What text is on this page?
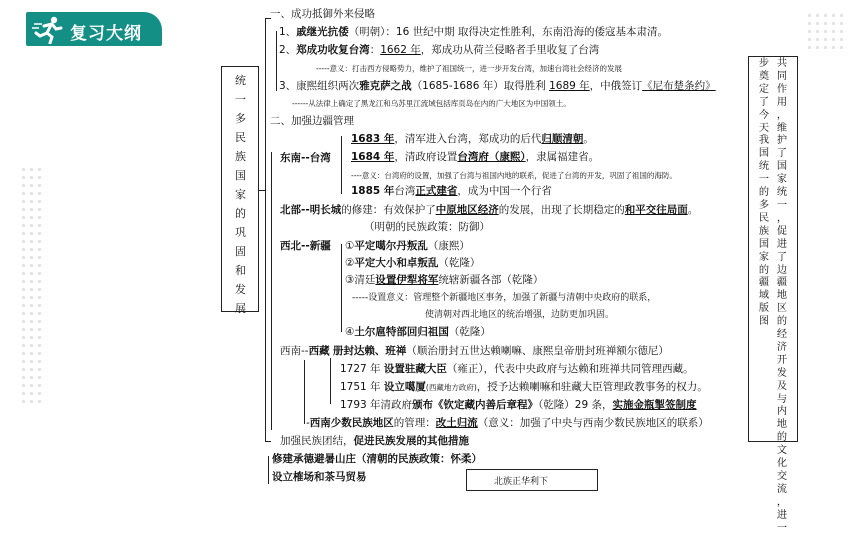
复习大纲
统
一
多
民
族
国
家
的
巩
固
和
发
展
共
同
作
用
，
维
护
了
国
家
统
一
，
促
进
了
边
疆
地
区
的
经
济
开
发
及
与
内
地
的
文
化
交
流
，
进
一
步
奠
定
了
今
天
我
国
统
一
的
多
民
族
国
家
的
疆
域
版
图
一、成功抵御外来侵略
1、戚继光抗倭（明朝）：16 世纪中期 取得决定性胜利，东南沿海的倭寇基本肃清。
2、郑成功收复台湾：1662 年，郑成功从荷兰侵略者手里收复了台湾
-----意义：打击西方侵略势力，维护了祖国统一，进一步开发台湾，加速台湾社会经济的发展
3、康熙组织两次雅克萨之战（1685-1686 年）取得胜利 1689 年，中俄签订《尼布楚条约》
------从法律上确定了黑龙江和乌苏里江流域包括库页岛在内的广大地区为中国领土。
二、加强边疆管理
东南--台湾
1683 年，清军进入台湾，郑成功的后代归顺清朝。
1684 年，清政府设置台湾府（康熙），隶属福建省。
----意义：台湾府的设置，加强了台湾与祖国内地的联系，促进了台湾的开发，巩固了祖国的海防。
1885 年台湾正式建省，成为中国一个行省
北部--明长城的修建：有效保护了中原地区经济的发展，出现了长期稳定的和平交往局面。
（明朝的民族政策：防御）
西北--新疆 ①平定噶尔丹叛乱（康熙）
②平定大小和卓叛乱（乾隆）
③清廷设置伊犁将军统辖新疆各部（乾隆）
-----设置意义：管理整个新疆地区事务，加强了新疆与清朝中央政府的联系，
使清朝对西北地区的统治增强，边防更加巩固。
④土尔扈特部回归祖国（乾隆）
西南--西藏 册封达赖、班禅（顺治册封五世达赖喇嘛、康熙皇帝册封班禅额尔德尼）
1727 年 设置驻藏大臣（雍正），代表中央政府与达赖和班禅共同管理西藏。
1751 年 设立噶厦(西藏地方政府)，授予达赖喇嘛和驻藏大臣管理政教事务的权力。
1793 年清政府颁布《钦定藏内善后章程》（乾隆）29 条，实施金瓶掣签制度
-西南少数民族地区的管理：改土归流（意义：加强了中央与西南少数民族地区的联系）
加强民族团结，促进民族发展的其他措施
修建承德避暑山庄（清朝的民族政策：怀柔）
设立榷场和茶马贸易	北族正华利下
